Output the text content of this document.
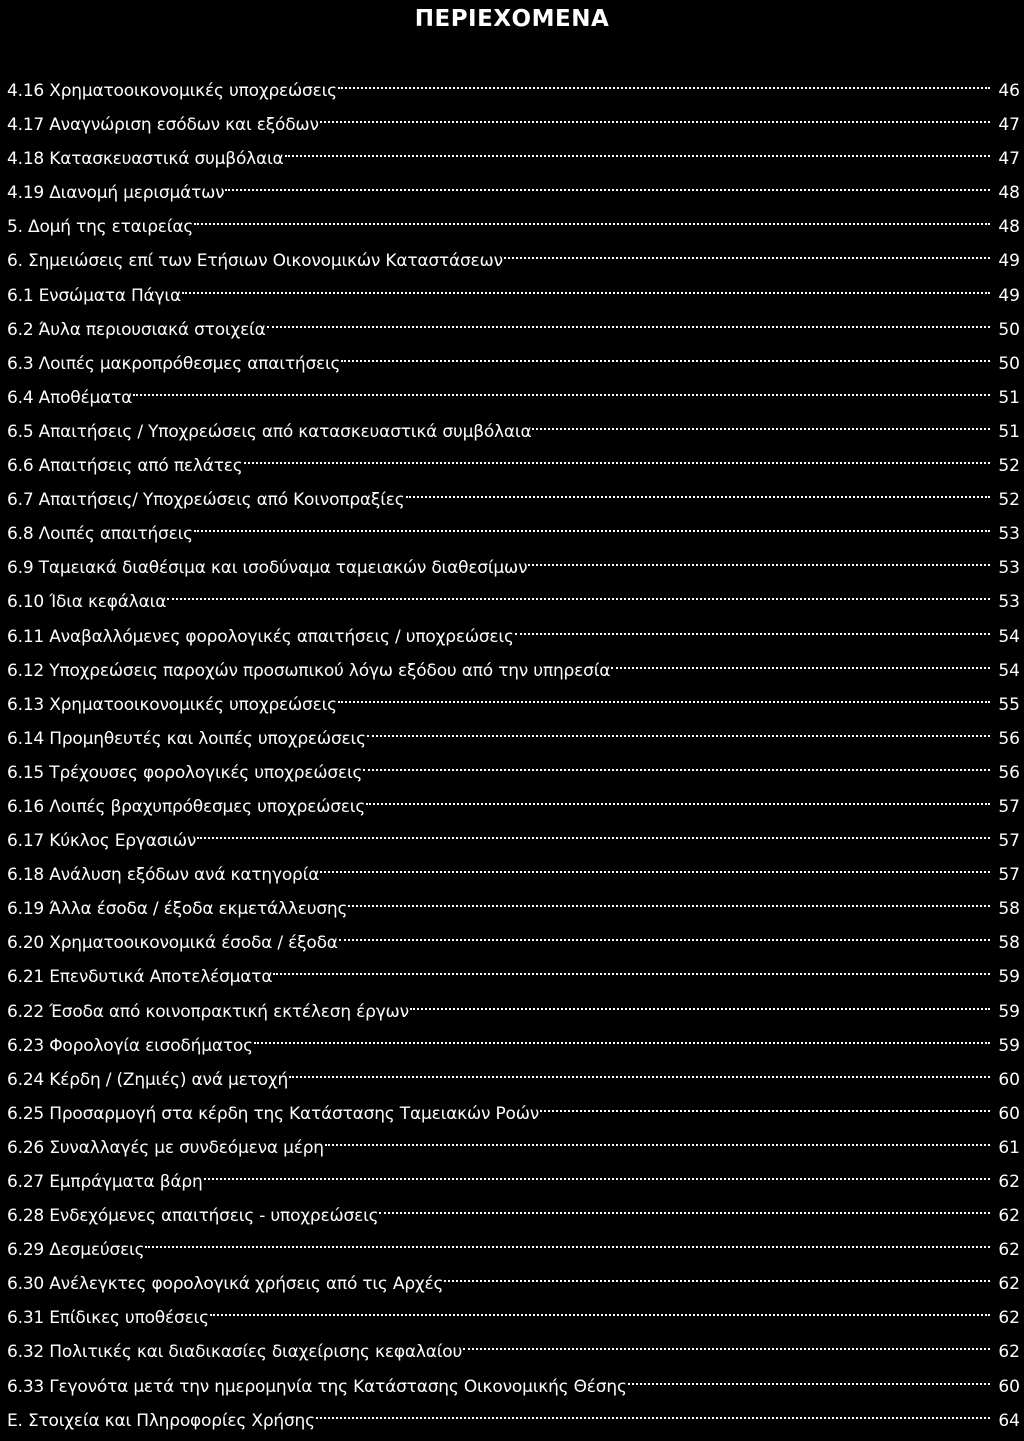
ΠΕΡΙΕΧΟΜΕΝΑ
4.16 Χρηματοοικονομικές υποχρεώσεις	46
4.17 Αναγνώριση εσόδων και εξόδων	47
4.18 Κατασκευαστικά συμβόλαια	47
4.19 Διανομή μερισμάτων	48
5. Δομή της εταιρείας	48
6. Σημειώσεις επί των Ετήσιων Οικονομικών Καταστάσεων	49
6.1 Ενσώματα Πάγια	49
6.2 Άυλα περιουσιακά στοιχεία	50
6.3 Λοιπές μακροπρόθεσμες απαιτήσεις	50
6.4 Αποθέματα	51
6.5 Απαιτήσεις / Υποχρεώσεις από κατασκευαστικά συμβόλαια	51
6.6 Απαιτήσεις από πελάτες	52
6.7 Απαιτήσεις/ Υποχρεώσεις από Κοινοπραξίες	52
6.8 Λοιπές απαιτήσεις	53
6.9 Ταμειακά διαθέσιμα και ισοδύναμα ταμειακών διαθεσίμων	53
6.10 Ίδια κεφάλαια	53
6.11 Αναβαλλόμενες φορολογικές απαιτήσεις / υποχρεώσεις	54
6.12 Υποχρεώσεις παροχών προσωπικού λόγω εξόδου από την υπηρεσία	54
6.13 Χρηματοοικονομικές υποχρεώσεις	55
6.14 Προμηθευτές και λοιπές υποχρεώσεις	56
6.15 Τρέχουσες φορολογικές υποχρεώσεις	56
6.16 Λοιπές βραχυπρόθεσμες υποχρεώσεις	57
6.17 Κύκλος Εργασιών	57
6.18 Ανάλυση εξόδων ανά κατηγορία	57
6.19 Άλλα έσοδα / έξοδα εκμετάλλευσης	58
6.20 Χρηματοοικονομικά έσοδα / έξοδα	58
6.21 Επενδυτικά Αποτελέσματα	59
6.22 Έσοδα από κοινοπρακτική εκτέλεση έργων	59
6.23 Φορολογία εισοδήματος	59
6.24 Κέρδη / (Ζημιές) ανά μετοχή	60
6.25 Προσαρμογή στα κέρδη της Κατάστασης Ταμειακών Ροών	60
6.26 Συναλλαγές με συνδεόμενα μέρη	61
6.27 Εμπράγματα βάρη	62
6.28 Ενδεχόμενες απαιτήσεις - υποχρεώσεις	62
6.29 Δεσμεύσεις	62
6.30 Ανέλεγκτες φορολογικά χρήσεις από τις Αρχές	62
6.31 Επίδικες υποθέσεις	62
6.32 Πολιτικές και διαδικασίες διαχείρισης κεφαλαίου	62
6.33 Γεγονότα μετά την ημερομηνία της Κατάστασης Οικονομικής Θέσης	60
Ε. Στοιχεία και Πληροφορίες Χρήσης	64
